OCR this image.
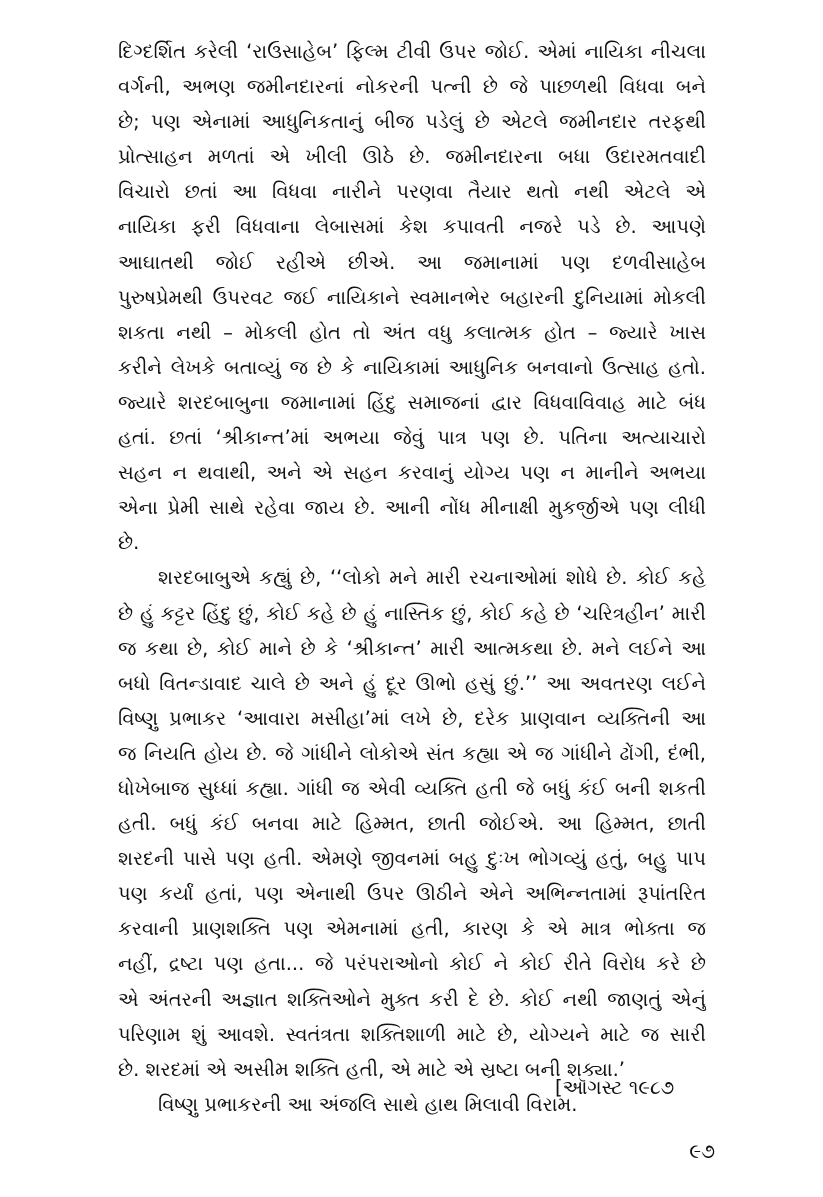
દિગ્દર્શિત કરેલી ‘રાઉસાહેબ’ ફિલ્મ ટીવી ઉપર જોઈ. એમાં નાયિકા નીચલા
વર્ગની, અભણ જમીનદારનાં નોકરની પત્ની છે જે પાછળથી વિધવા બને
છે; પણ એનામાં આધુનિકતાનું બીજ પડેલું છે એટલે જમીનદાર તરફથી
પ્રોત્સાહન મળતાં એ ખીલી ઊઠે છે. જમીનદારના બધા ઉદારમતવાદી
વિચારો છતાં આ વિધવા નારીને પરણવા તૈયાર થતો નથી એટલે એ
નાયિકા ફરી વિધવાના લેબાસમાં કેશ કપાવતી નજરે પડે છે. આપણે
આઘાતથી જોઈ રહીએ છીએ. આ જમાનામાં પણ દળવીસાહેબ
પુરુષપ્રેમથી ઉપરવટ જઈ નાયિકાને સ્વમાનભેર બહારની દુનિયામાં મોકલી
શકતા નથી – મોકલી હોત તો અંત વધુ કલાત્મક હોત – જ્યારે ખાસ
કરીને લેખકે બતાવ્યું જ છે કે નાયિકામાં આધુનિક બનવાનો ઉત્સાહ હતો.
જ્યારે શરદબાબુના જમાનામાં હિંદુ સમાજનાં દ્વાર વિધવાવિવાહ માટે બંધ
હતાં. છતાં ‘શ્રીકાન્ત’માં અભયા જેવું પાત્ર પણ છે. પતિના અત્યાચારો
સહન ન થવાથી, અને એ સહન કરવાનું યોગ્ય પણ ન માનીને અભયા
એના પ્રેમી સાથે રહેવા જાય છે. આની નોંધ મીનાક્ષી મુકર્જીએ પણ લીધી
છે.
શરદબાબુએ કહ્યું છે, ‘‘લોકો મને મારી રચનાઓમાં શોધે છે. કોઈ કહે
છે હું કટ્ટર હિંદુ છું, કોઈ કહે છે હું નાસ્તિક છું, કોઈ કહે છે ‘ચરિત્રહીન’ મારી
જ કથા છે, કોઈ માને છે કે ‘શ્રીકાન્ત’ મારી આત્મકથા છે. મને લઈને આ
બધો વિતન્ડાવાદ ચાલે છે અને હું દૂર ઊભો હસું છું.’’ આ અવતરણ લઈને
વિષ્ણુ પ્રભાકર ‘આવારા મસીહા’માં લખે છે, દરેક પ્રાણવાન વ્યક્તિની આ
જ નિયતિ હોય છે. જે ગાંધીને લોકોએ સંત કહ્યા એ જ ગાંધીને ઢોંગી, દંભી,
ધોખેબાજ સુધ્ધાં કહ્યા. ગાંધી જ એવી વ્યક્તિ હતી જે બધું કંઈ બની શકતી
હતી. બધું કંઈ બનવા માટે હિમ્મત, છાતી જોઈએ. આ હિમ્મત, છાતી
શરદની પાસે પણ હતી. એમણે જીવનમાં બહુ દુઃખ ભોગવ્યું હતું, બહુ પાપ
પણ કર્યાં હતાં, પણ એનાથી ઉપર ઊઠીને એને અભિન્નતામાં રૂપાંતરિત
કરવાની પ્રાણશક્તિ પણ એમનામાં હતી, કારણ કે એ માત્ર ભોક્તા જ
નહીં, દ્રષ્ટા પણ હતા... જે પરંપરાઓનો કોઈ ને કોઈ રીતે વિરોધ કરે છે
એ અંતરની અજ્ઞાત શક્તિઓને મુક્ત કરી દે છે. કોઈ નથી જાણતું એનું
પરિણામ શું આવશે. સ્વતંત્રતા શક્તિશાળી માટે છે, યોગ્યને માટે જ સારી
છે. શરદમાં એ અસીમ શક્તિ હતી, એ માટે એ સ્રષ્ટા બની શક્યા.’
વિષ્ણુ પ્રભાકરની આ અંજલિ સાથે હાથ મિલાવી વિરામ.
[ઑગસ્ટ ૧૯૮૭
૯૭
